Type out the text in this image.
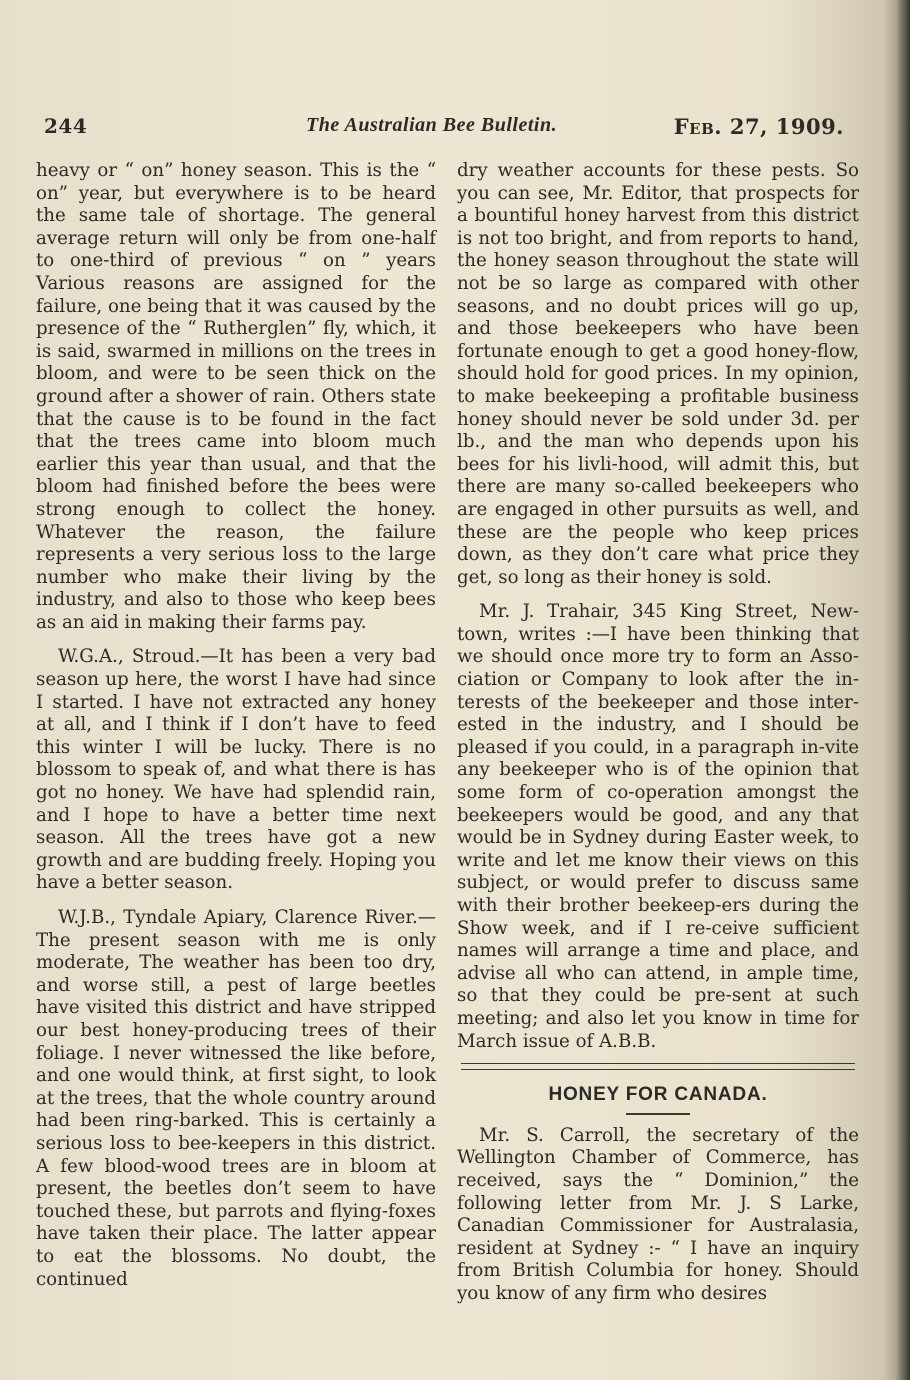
244	The Australian Bee Bulletin.	Feb. 27, 1909.

heavy or “ on” honey season. This is the “ on” year, but everywhere is to be heard the same tale of shortage. The general average return will only be from one-half to one-third of previous “ on ” years Various reasons are assigned for the failure, one being that it was caused by the presence of the “ Rutherglen” fly, which, it is said, swarmed in millions on the trees in bloom, and were to be seen thick on the ground after a shower of rain. Others state that the cause is to be found in the fact that the trees came into bloom much earlier this year than usual, and that the bloom had finished before the bees were strong enough to collect the honey. Whatever the reason, the failure represents a very serious loss to the large number who make their living by the industry, and also to those who keep bees as an aid in making their farms pay.

W.G.A., Stroud.—It has been a very bad season up here, the worst I have had since I started. I have not extracted any honey at all, and I think if I don’t have to feed this winter I will be lucky. There is no blossom to speak of, and what there is has got no honey. We have had splendid rain, and I hope to have a better time next season. All the trees have got a new growth and are budding freely. Hoping you have a better season.

W.J.B., Tyndale Apiary, Clarence River.— The present season with me is only moderate, The weather has been too dry, and worse still, a pest of large beetles have visited this district and have stripped our best honey-producing trees of their foliage. I never witnessed the like before, and one would think, at first sight, to look at the trees, that the whole country around had been ring-barked. This is certainly a serious loss to bee-keepers in this district. A few blood-wood trees are in bloom at present, the beetles don’t seem to have touched these, but parrots and flying-foxes have taken their place. The latter appear to eat the blossoms. No doubt, the continued

dry weather accounts for these pests. So you can see, Mr. Editor, that prospects for a bountiful honey harvest from this district is not too bright, and from reports to hand, the honey season throughout the state will not be so large as compared with other seasons, and no doubt prices will go up, and those beekeepers who have been fortunate enough to get a good honey-flow, should hold for good prices. In my opinion, to make beekeeping a profitable business honey should never be sold under 3d. per lb., and the man who depends upon his bees for his livli-hood, will admit this, but there are many so-called beekeepers who are engaged in other pursuits as well, and these are the people who keep prices down, as they don’t care what price they get, so long as their honey is sold.

Mr. J. Trahair, 345 King Street, New-town, writes :—I have been thinking that we should once more try to form an Asso-ciation or Company to look after the in-terests of the beekeeper and those inter-ested in the industry, and I should be pleased if you could, in a paragraph in-vite any beekeeper who is of the opinion that some form of co-operation amongst the beekeepers would be good, and any that would be in Sydney during Easter week, to write and let me know their views on this subject, or would prefer to discuss same with their brother beekeep-ers during the Show week, and if I re-ceive sufficient names will arrange a time and place, and advise all who can attend, in ample time, so that they could be pre-sent at such meeting; and also let you know in time for March issue of A.B.B.

HONEY FOR CANADA.

Mr. S. Carroll, the secretary of the Wellington Chamber of Commerce, has received, says the “ Dominion,” the following letter from Mr. J. S Larke, Canadian Commissioner for Australasia, resident at Sydney :- “ I have an inquiry from British Columbia for honey. Should you know of any firm who desires
